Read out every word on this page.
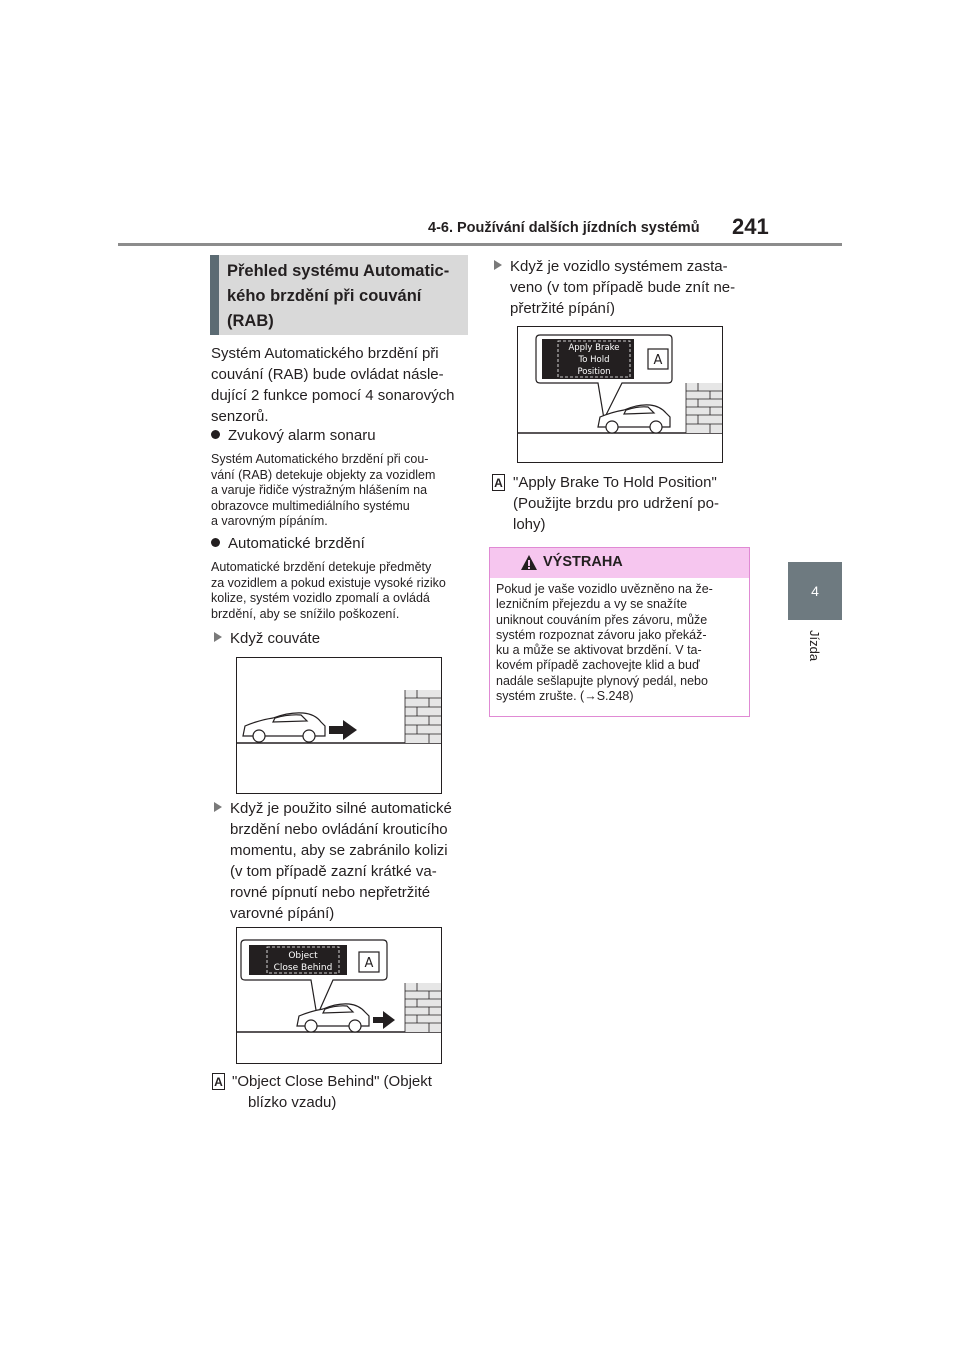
4-6. Používání dalších jízdních systémů 241
4
Jízda
Přehled systému Automatic-
kého brzdění při couvání
(RAB)
Systém Automatického brzdění při
couvání (RAB) bude ovládat násle-
dující 2 funkce pomocí 4 sonarových
senzorů.
Zvukový alarm sonaru
Systém Automatického brzdění při cou-
vání (RAB) detekuje objekty za vozidlem
a varuje řidiče výstražným hlášením na
obrazovce multimediálního systému
a varovným pípáním.
Automatické brzdění
Automatické brzdění detekuje předměty
za vozidlem a pokud existuje vysoké riziko
kolize, systém vozidlo zpomalí a ovládá
brzdění, aby se snížilo poškození.
Když couváte
Když je použito silné automatické
brzdění nebo ovládání krouticího
momentu, aby se zabránilo kolizi
(v tom případě zazní krátké va-
rovné pípnutí nebo nepřetržité
varovné pípání)
Object
Close Behind A
A "Object Close Behind" (Objekt
blízko vzadu)
Když je vozidlo systémem zasta-
veno (v tom případě bude znít ne-
přetržité pípání)
Apply Brake
To Hold
Position
A
A "Apply Brake To Hold Position"
(Použijte brzdu pro udržení po-
lohy)
VÝSTRAHA
Pokud je vaše vozidlo uvězněno na že-
lezničním přejezdu a vy se snažíte
uniknout couváním přes závoru, může
systém rozpoznat závoru jako překáž-
ku a může se aktivovat brzdění. V ta-
kovém případě zachovejte klid a buď
nadále sešlapujte plynový pedál, nebo
systém zrušte. (→S.248)
